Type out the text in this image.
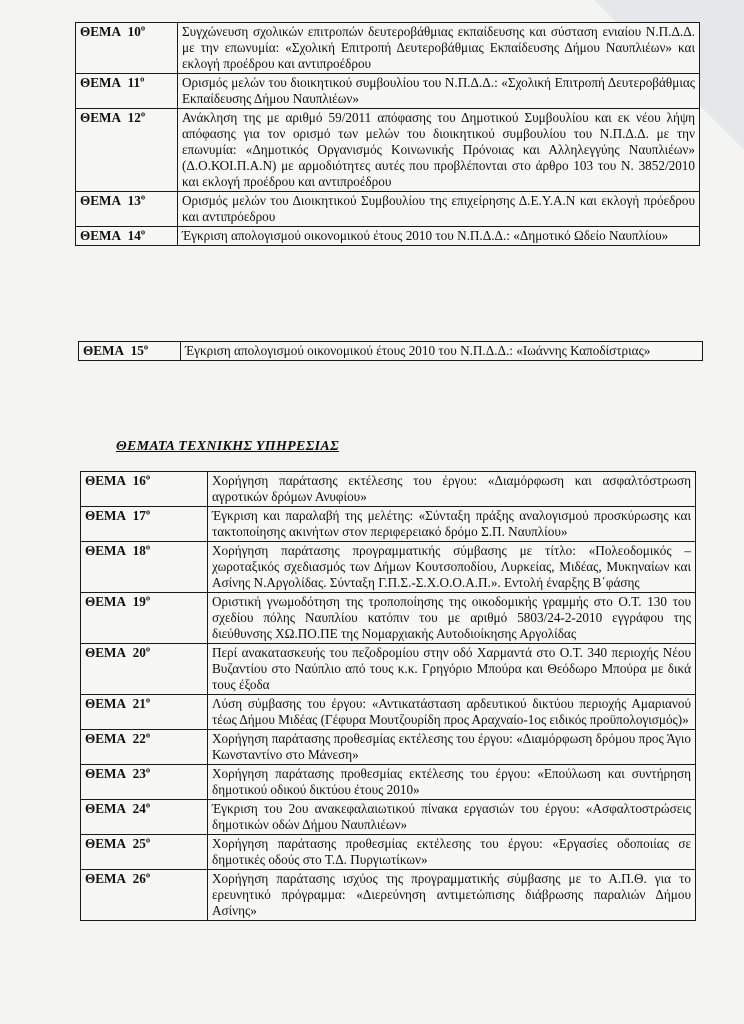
ΘΕΜΑ $10^o$	Συγχώνευση σχολικών επιτροπών δευτεροβάθμιας εκπαίδευσης και σύσταση ενιαίου Ν.Π.Δ.Δ. με την επωνυμία: «Σχολική Επιτροπή Δευτεροβάθμιας Εκπαίδευσης Δήμου Ναυπλιέων» και εκλογή προέδρου και αντιπροέδρου
ΘΕΜΑ $11^o$	Ορισμός μελών του διοικητικού συμβουλίου του Ν.Π.Δ.Δ.: «Σχολική Επιτροπή Δευτεροβάθμιας Εκπαίδευσης Δήμου Ναυπλιέων»
ΘΕΜΑ $12^o$	Ανάκληση της με αριθμό 59/2011 απόφασης του Δημοτικού Συμβουλίου και εκ νέου λήψη απόφασης για τον ορισμό των μελών του διοικητικού συμβουλίου του Ν.Π.Δ.Δ. με την επωνυμία: «Δημοτικός Οργανισμός Κοινωνικής Πρόνοιας και Αλληλεγγύης Ναυπλιέων» (Δ.Ο.ΚΟΙ.Π.Α.Ν) με αρμοδιότητες αυτές που προβλέπονται στο άρθρο 103 του Ν. 3852/2010 και εκλογή προέδρου και αντιπροέδρου
ΘΕΜΑ $13^o$	Ορισμός μελών του Διοικητικού Συμβουλίου της επιχείρησης Δ.Ε.Υ.Α.Ν και εκλογή πρόεδρου και αντιπρόεδρου
ΘΕΜΑ $14^o$	Έγκριση απολογισμού οικονομικού έτους 2010 του Ν.Π.Δ.Δ.: «Δημοτικό Ωδείο Ναυπλίου»
ΘΕΜΑ $15^o$	Έγκριση απολογισμού οικονομικού έτους 2010 του Ν.Π.Δ.Δ.: «Ιωάννης Καποδίστριας»
ΘΕΜΑΤΑ ΤΕΧΝΙΚΗΣ ΥΠΗΡΕΣΙΑΣ
ΘΕΜΑ $16^o$	Χορήγηση παράτασης εκτέλεσης του έργου: «Διαμόρφωση και ασφαλτόστρωση αγροτικών δρόμων Ανυφίου»
ΘΕΜΑ $17^o$	Έγκριση και παραλαβή της μελέτης: «Σύνταξη πράξης αναλογισμού προσκύρωσης και τακτοποίησης ακινήτων στον περιφερειακό δρόμο Σ.Π. Ναυπλίου»
ΘΕΜΑ $18^o$	Χορήγηση παράτασης προγραμματικής σύμβασης με τίτλο: «Πολεοδομικός – χωροταξικός σχεδιασμός των Δήμων Κουτσοποδίου, Λυρκείας, Μιδέας, Μυκηναίων και Ασίνης Ν.Αργολίδας. Σύνταξη Γ.Π.Σ.-Σ.Χ.Ο.Ο.Α.Π.». Εντολή έναρξης Β΄φάσης
ΘΕΜΑ $19^o$	Οριστική γνωμοδότηση της τροποποίησης της οικοδομικής γραμμής στο Ο.Τ. 130 του σχεδίου πόλης Ναυπλίου κατόπιν του με αριθμό 5803/24-2-2010 εγγράφου της διεύθυνσης ΧΩ.ΠΟ.ΠΕ της Νομαρχιακής Αυτοδιοίκησης Αργολίδας
ΘΕΜΑ $20^o$	Περί ανακατασκευής του πεζοδρομίου στην οδό Χαρμαντά στο Ο.Τ. 340 περιοχής Νέου Βυζαντίου στο Ναύπλιο από τους κ.κ. Γρηγόριο Μπούρα και Θεόδωρο Μπούρα με δικά τους έξοδα
ΘΕΜΑ $21^o$	Λύση σύμβασης του έργου: «Αντικατάσταση αρδευτικού δικτύου περιοχής Αμαριανού τέως Δήμου Μιδέας (Γέφυρα Μουτζουρίδη προς Αραχναίο-1ος ειδικός προϋπολογισμός)»
ΘΕΜΑ $22^o$	Χορήγηση παράτασης προθεσμίας εκτέλεσης του έργου: «Διαμόρφωση δρόμου προς Άγιο Κωνσταντίνο στο Μάνεση»
ΘΕΜΑ $23^o$	Χορήγηση παράτασης προθεσμίας εκτέλεσης του έργου: «Επούλωση και συντήρηση δημοτικού οδικού δικτύου έτους 2010»
ΘΕΜΑ $24^o$	Έγκριση του 2ου ανακεφαλαιωτικού πίνακα εργασιών του έργου: «Ασφαλτοστρώσεις δημοτικών οδών Δήμου Ναυπλιέων»
ΘΕΜΑ $25^o$	Χορήγηση παράτασης προθεσμίας εκτέλεσης του έργου: «Εργασίες οδοποιίας σε δημοτικές οδούς στο Τ.Δ. Πυργιωτίκων»
ΘΕΜΑ $26^o$	Χορήγηση παράτασης ισχύος της προγραμματικής σύμβασης με το Α.Π.Θ. για το ερευνητικό πρόγραμμα: «Διερεύνηση αντιμετώπισης διάβρωσης παραλιών Δήμου Ασίνης»
